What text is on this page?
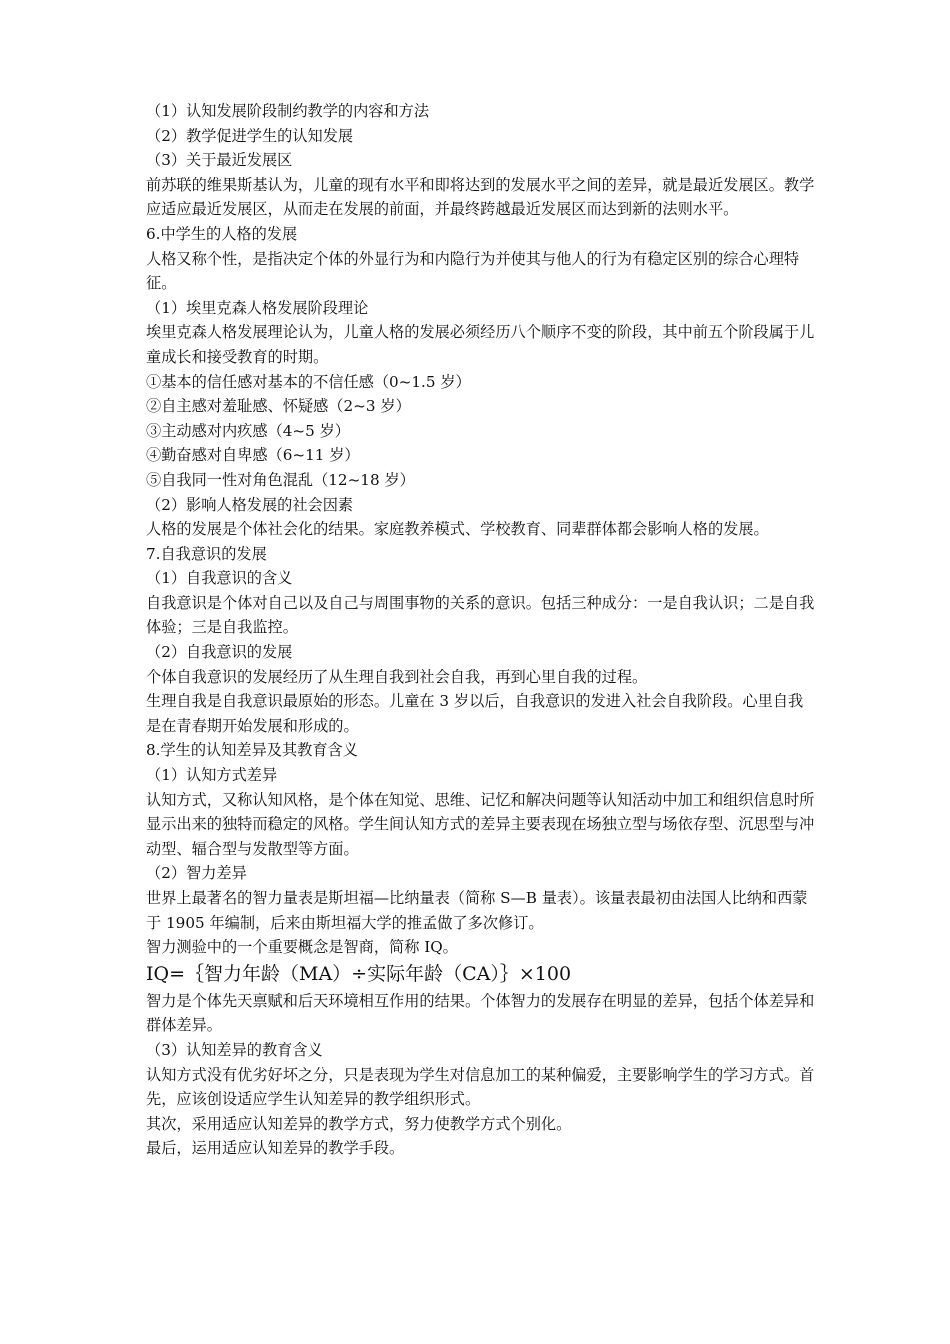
（1）认知发展阶段制约教学的内容和方法

（2）教学促进学生的认知发展

（3）关于最近发展区

前苏联的维果斯基认为，儿童的现有水平和即将达到的发展水平之间的差异，就是最近发展区。教学应适应最近发展区，从而走在发展的前面，并最终跨越最近发展区而达到新的法则水平。

6.中学生的人格的发展

人格又称个性，是指决定个体的外显行为和内隐行为并使其与他人的行为有稳定区别的综合心理特征。

（1）埃里克森人格发展阶段理论

埃里克森人格发展理论认为，儿童人格的发展必须经历八个顺序不变的阶段，其中前五个阶段属于儿童成长和接受教育的时期。

①基本的信任感对基本的不信任感（0~1.5 岁）

②自主感对羞耻感、怀疑感（2~3 岁）

③主动感对内疚感（4~5 岁）

④勤奋感对自卑感（6~11 岁）

⑤自我同一性对角色混乱（12~18 岁）

（2）影响人格发展的社会因素

人格的发展是个体社会化的结果。家庭教养模式、学校教育、同辈群体都会影响人格的发展。

7.自我意识的发展

（1）自我意识的含义

自我意识是个体对自己以及自己与周围事物的关系的意识。包括三种成分：一是自我认识；二是自我体验；三是自我监控。

（2）自我意识的发展

个体自我意识的发展经历了从生理自我到社会自我，再到心里自我的过程。

生理自我是自我意识最原始的形态。儿童在 3 岁以后，自我意识的发进入社会自我阶段。心里自我是在青春期开始发展和形成的。

8.学生的认知差异及其教育含义

（1）认知方式差异

认知方式，又称认知风格，是个体在知觉、思维、记忆和解决问题等认知活动中加工和组织信息时所显示出来的独特而稳定的风格。学生间认知方式的差异主要表现在场独立型与场依存型、沉思型与冲动型、辐合型与发散型等方面。

（2）智力差异

世界上最著名的智力量表是斯坦福—比纳量表（简称 S—B 量表）。该量表最初由法国人比纳和西蒙于 1905 年编制，后来由斯坦福大学的推孟做了多次修订。

智力测验中的一个重要概念是智商，简称 IQ。

IQ=｛智力年龄（MA）÷实际年龄（CA）｝×100

智力是个体先天禀赋和后天环境相互作用的结果。个体智力的发展存在明显的差异，包括个体差异和群体差异。

（3）认知差异的教育含义

认知方式没有优劣好坏之分，只是表现为学生对信息加工的某种偏爱，主要影响学生的学习方式。首先，应该创设适应学生认知差异的教学组织形式。

其次，采用适应认知差异的教学方式，努力使教学方式个别化。

最后，运用适应认知差异的教学手段。
